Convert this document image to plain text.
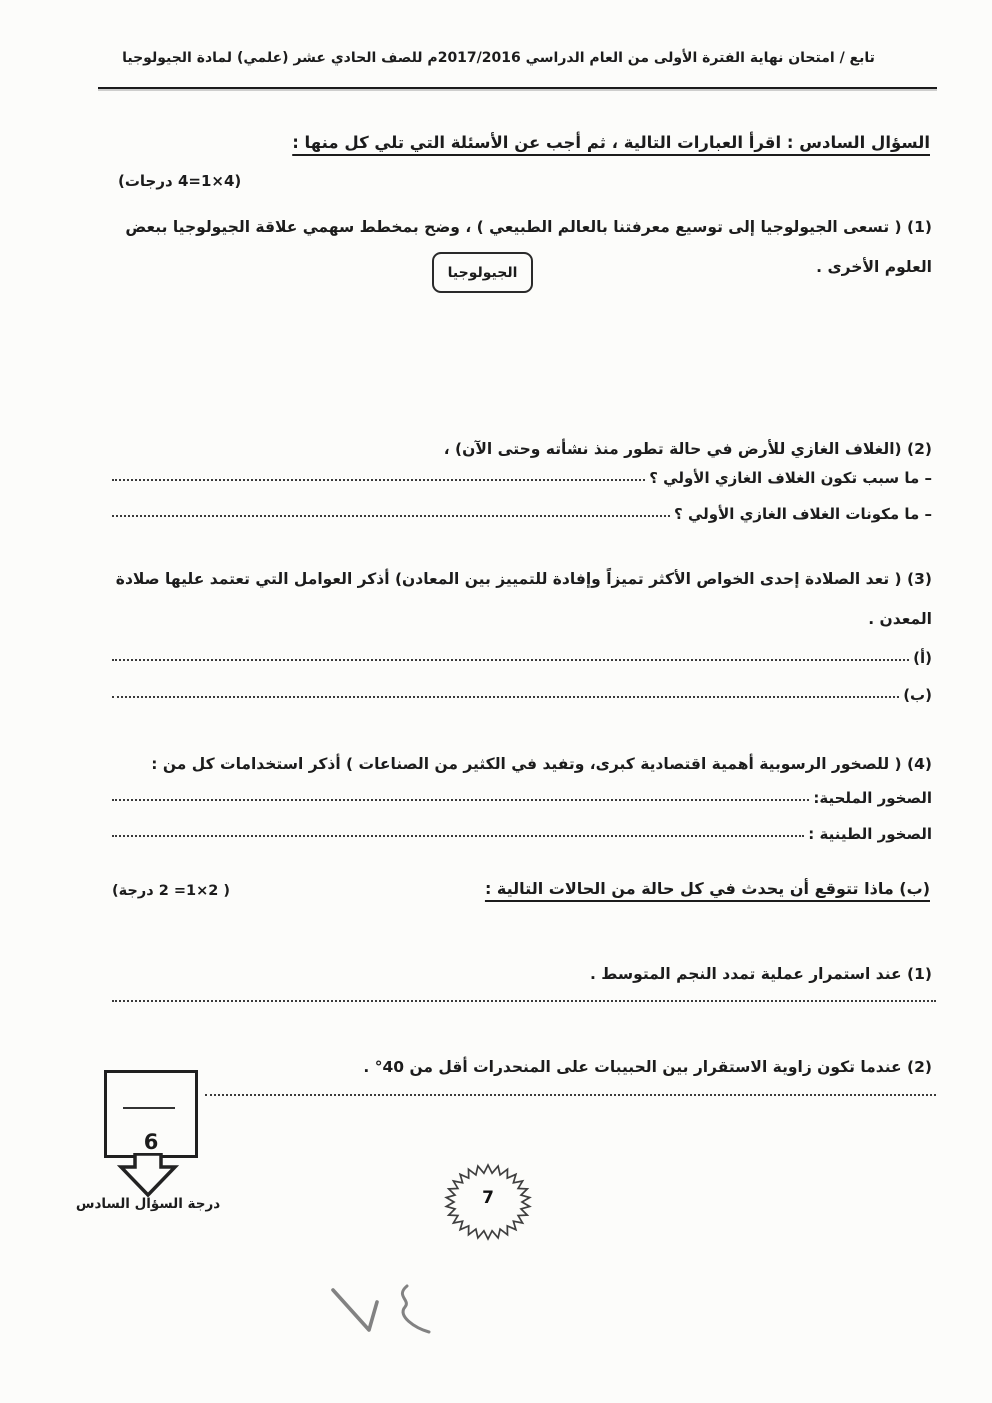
تابع / امتحان نهاية الفترة الأولى من العام الدراسي 2017/2016م للصف الحادي عشر (علمي) لمادة الجيولوجيا
السؤال السادس : اقرأ العبارات التالية ، ثم أجب عن الأسئلة التي تلي كل منها :
(4‏×‏1‏=‏4 درجات)
(1) ( تسعى الجيولوجيا إلى توسيع معرفتنا بالعالم الطبيعي ) ، وضح بمخطط سهمي علاقة الجيولوجيا ببعض العلوم الأخرى .
الجيولوجيا
(2) (الغلاف الغازي للأرض في حالة تطور منذ نشأته وحتى الآن) ،
– ما سبب تكون الغلاف الغازي الأولي ؟
– ما مكونات الغلاف الغازي الأولي ؟
(3) ( تعد الصلادة إحدى الخواص الأكثر تميزاً وإفادة للتمييز بين المعادن) أذكر العوامل التي تعتمد عليها صلادة المعدن .
(أ)
(ب)
(4) ( للصخور الرسوبية أهمية اقتصادية كبرى، وتفيد في الكثير من الصناعات ) أذكر استخدامات كل من :
الصخور الملحية:
الصخور الطينية :
(ب) ماذا تتوقع أن يحدث في كل حالة من الحالات التالية :
( 2‏×‏1‏=‏ 2 درجة)
(1) عند استمرار عملية تمدد النجم المتوسط .
(2) عندما تكون زاوية الاستقرار بين الحبيبات على المنحدرات أقل من 40° .
6
درجة السؤال السادس	7
